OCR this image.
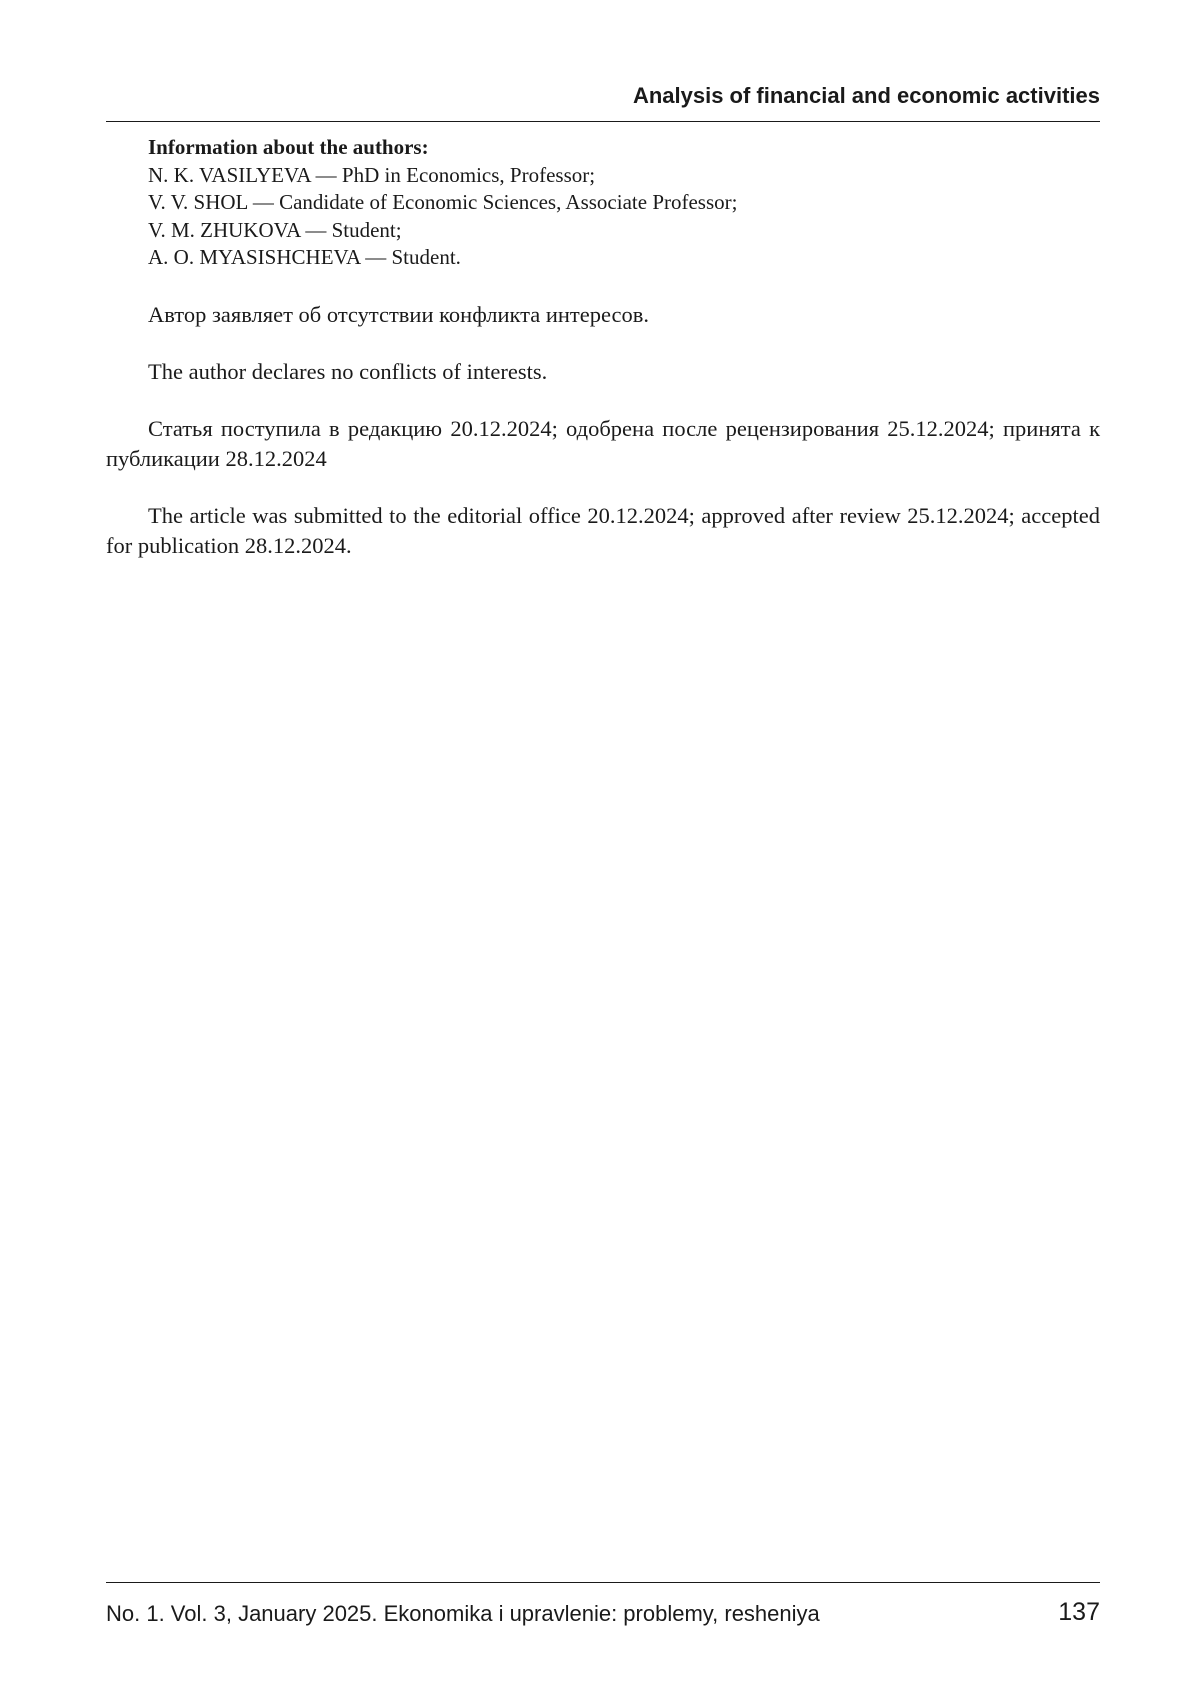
Analysis of financial and economic activities
Information about the authors:
N. K. VASILYEVA — PhD in Economics, Professor;
V. V. SHOL — Candidate of Economic Sciences, Associate Professor;
V. M. ZHUKOVA — Student;
A. O. MYASISHCHEVA — Student.

Автор заявляет об отсутствии конфликта интересов.

The author declares no conflicts of interests.

Статья поступила в редакцию 20.12.2024; одобрена после рецензирования 25.12.2024; принята к публикации 28.12.2024

The article was submitted to the editorial office 20.12.2024; approved after review 25.12.2024; accepted for publication 28.12.2024.

No. 1. Vol. 3, January 2025. Ekonomika i upravlenie: problemy, resheniya	137
